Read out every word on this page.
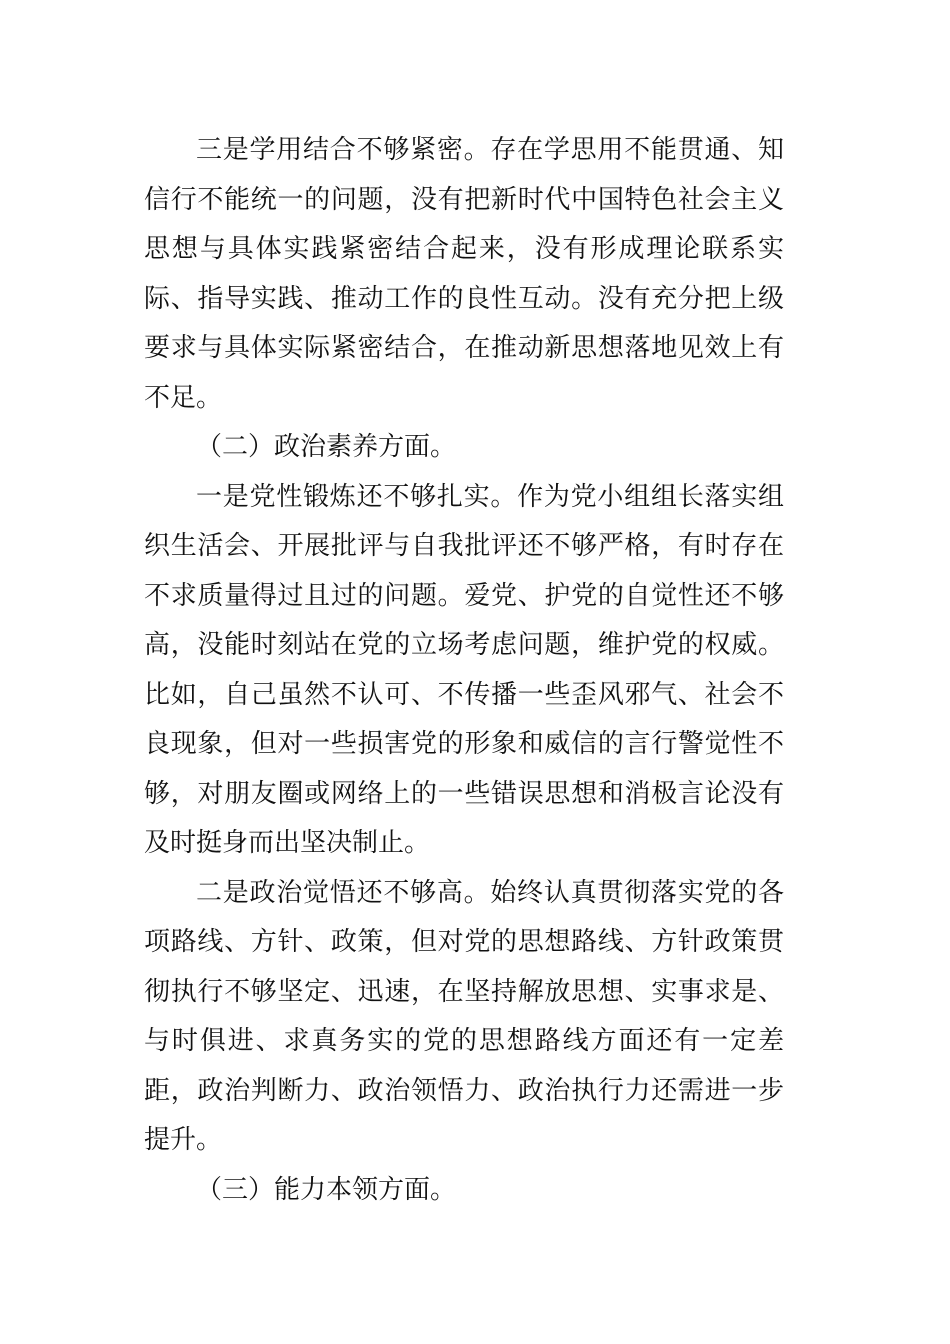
三是学用结合不够紧密。存在学思用不能贯通、知信行不能统一的问题，没有把新时代中国特色社会主义思想与具体实践紧密结合起来，没有形成理论联系实际、指导实践、推动工作的良性互动。没有充分把上级要求与具体实际紧密结合，在推动新思想落地见效上有不足。

（二）政治素养方面。

一是党性锻炼还不够扎实。作为党小组组长落实组织生活会、开展批评与自我批评还不够严格，有时存在不求质量得过且过的问题。爱党、护党的自觉性还不够高，没能时刻站在党的立场考虑问题，维护党的权威。比如，自己虽然不认可、不传播一些歪风邪气、社会不良现象，但对一些损害党的形象和威信的言行警觉性不够，对朋友圈或网络上的一些错误思想和消极言论没有及时挺身而出坚决制止。

二是政治觉悟还不够高。始终认真贯彻落实党的各项路线、方针、政策，但对党的思想路线、方针政策贯彻执行不够坚定、迅速，在坚持解放思想、实事求是、与时俱进、求真务实的党的思想路线方面还有一定差距，政治判断力、政治领悟力、政治执行力还需进一步提升。

（三）能力本领方面。
